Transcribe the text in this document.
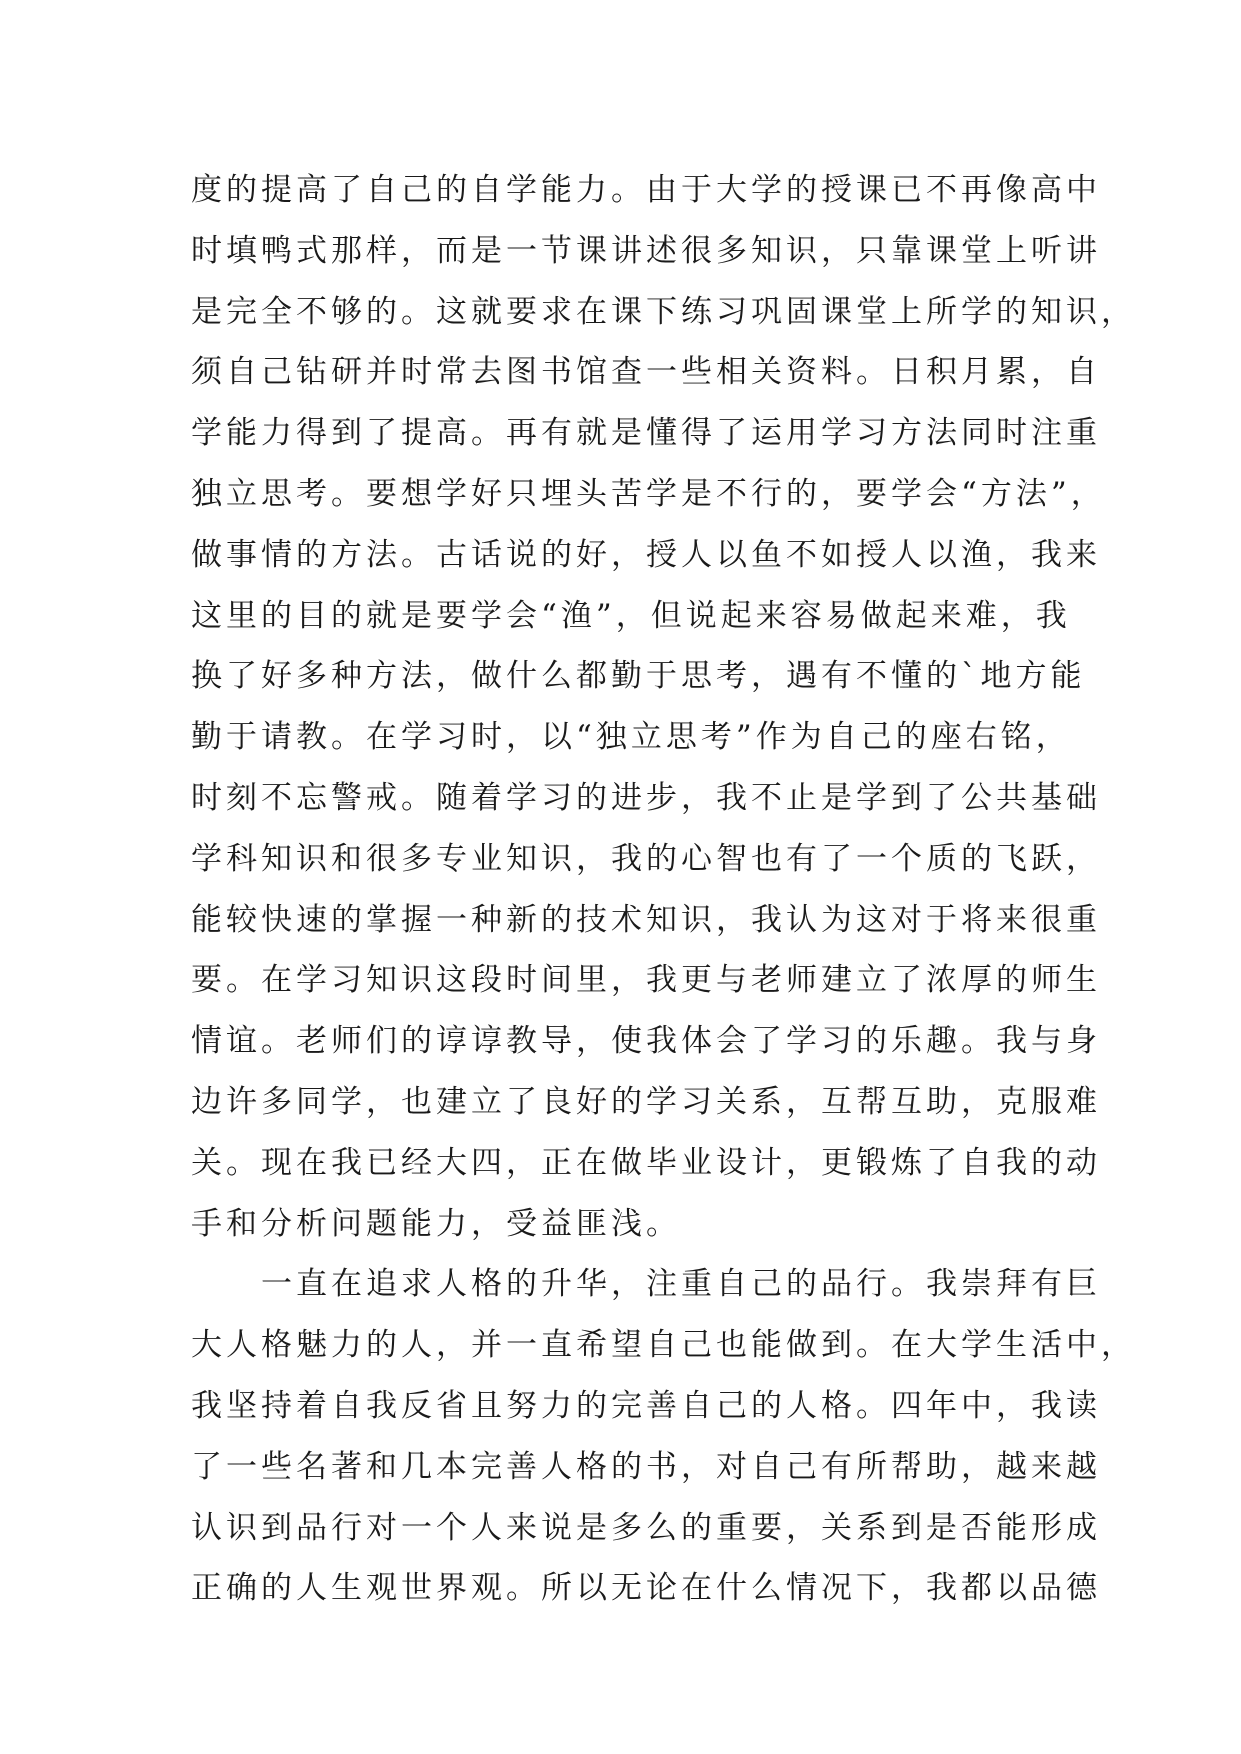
度的提高了自己的自学能力。由于大学的授课已不再像高中
时填鸭式那样，而是一节课讲述很多知识，只靠课堂上听讲
是完全不够的。这就要求在课下练习巩固课堂上所学的知识，
须自己钻研并时常去图书馆查一些相关资料。日积月累，自
学能力得到了提高。再有就是懂得了运用学习方法同时注重
独立思考。要想学好只埋头苦学是不行的，要学会“方法”，
做事情的方法。古话说的好，授人以鱼不如授人以渔，我来
这里的目的就是要学会“渔”，但说起来容易做起来难，我
换了好多种方法，做什么都勤于思考，遇有不懂的`地方能
勤于请教。在学习时，以“独立思考”作为自己的座右铭，
时刻不忘警戒。随着学习的进步，我不止是学到了公共基础
学科知识和很多专业知识，我的心智也有了一个质的飞跃，
能较快速的掌握一种新的技术知识，我认为这对于将来很重
要。在学习知识这段时间里，我更与老师建立了浓厚的师生
情谊。老师们的谆谆教导，使我体会了学习的乐趣。我与身
边许多同学，也建立了良好的学习关系，互帮互助，克服难
关。现在我已经大四，正在做毕业设计，更锻炼了自我的动
手和分析问题能力，受益匪浅。
　　一直在追求人格的升华，注重自己的品行。我崇拜有巨
大人格魅力的人，并一直希望自己也能做到。在大学生活中，
我坚持着自我反省且努力的完善自己的人格。四年中，我读
了一些名著和几本完善人格的书，对自己有所帮助，越来越
认识到品行对一个人来说是多么的重要，关系到是否能形成
正确的人生观世界观。所以无论在什么情况下，我都以品德
